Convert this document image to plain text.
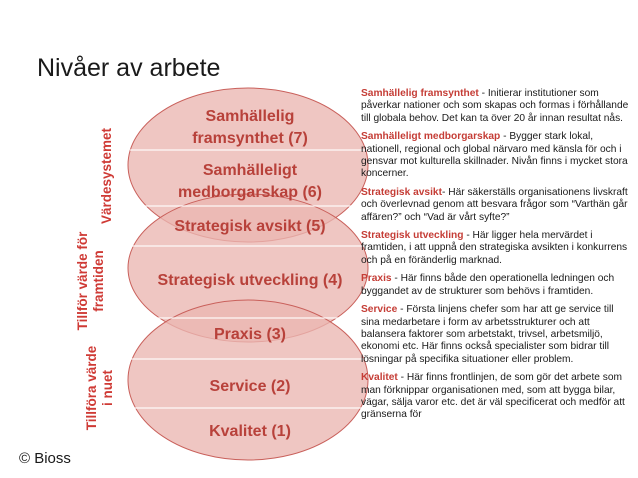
Nivåer av arbete
Samhällelig
framsynthet (7)
Samhälleligt
medborgarskap (6)
Strategisk avsikt (5)
Strategisk utveckling (4)
Praxis (3)
Service (2)
Kvalitet (1)
Värdesystemet
Tillför värde för framtiden
Tillföra värde i nuet

Samhällelig framsynthet - Initierar institutioner som påverkar nationer och som skapas och formas i förhållande till globala behov. Det kan ta över 20 år innan resultat nås.

Samhälleligt medborgarskap - Bygger stark lokal, nationell, regional och global närvaro med känsla för och i gensvar mot kulturella skillnader. Nivån finns i mycket stora koncerner.

Strategisk avsikt- Här säkerställs organisationens livskraft och överlevnad genom att besvara frågor som “Varthän går affären?” och “Vad är vårt syfte?”

Strategisk utveckling - Här ligger hela mervärdet i framtiden, i att uppnå den strategiska avsikten i konkurrens och på en föränderlig marknad.

Praxis - Här finns både den operationella ledningen och byggandet av de strukturer som behövs i framtiden.

Service - Första linjens chefer som har att ge service till sina medarbetare i form av arbetsstrukturer och att balansera faktorer som arbetstakt, trivsel, arbetsmiljö, ekonomi etc. Här finns också specialister som bidrar till lösningar på specifika situationer eller problem.

Kvalitet - Här finns frontlinjen, de som gör det arbete som man förknippar organisationen med, som att bygga bilar, vägar, sälja varor etc. det är väl specificerat och medför att gränserna för

© Bioss
